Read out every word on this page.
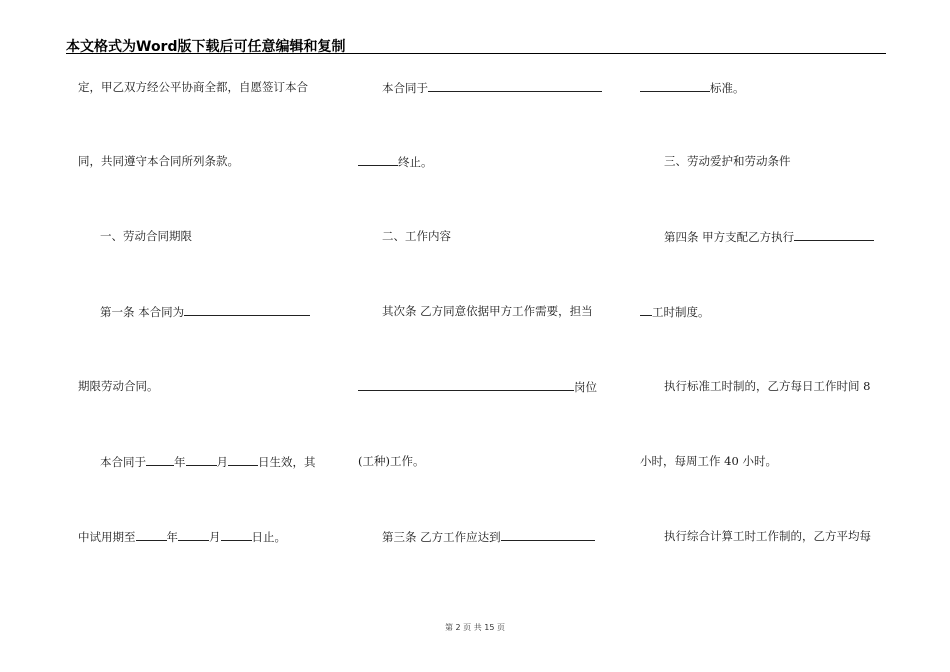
本文格式为Word版下载后可任意编辑和复制
定，甲乙双方经公平协商全都，自愿签订本合
同，共同遵守本合同所列条款。
一、劳动合同期限
第一条 本合同为
期限劳动合同。
本合同于 年	月	日生效，其
中试用期至	年	月	日止。
本合同于
终止。
二、工作内容
其次条 乙方同意依据甲方工作需要，担当
岗位
(工种)工作。
第三条 乙方工作应达到
标准。
三、劳动爱护和劳动条件
第四条 甲方支配乙方执行
工时制度。
执行标准工时制的，乙方每日工作时间 8
小时，每周工作 40 小时。
执行综合计算工时工作制的，乙方平均每
第 2 页 共 15 页
